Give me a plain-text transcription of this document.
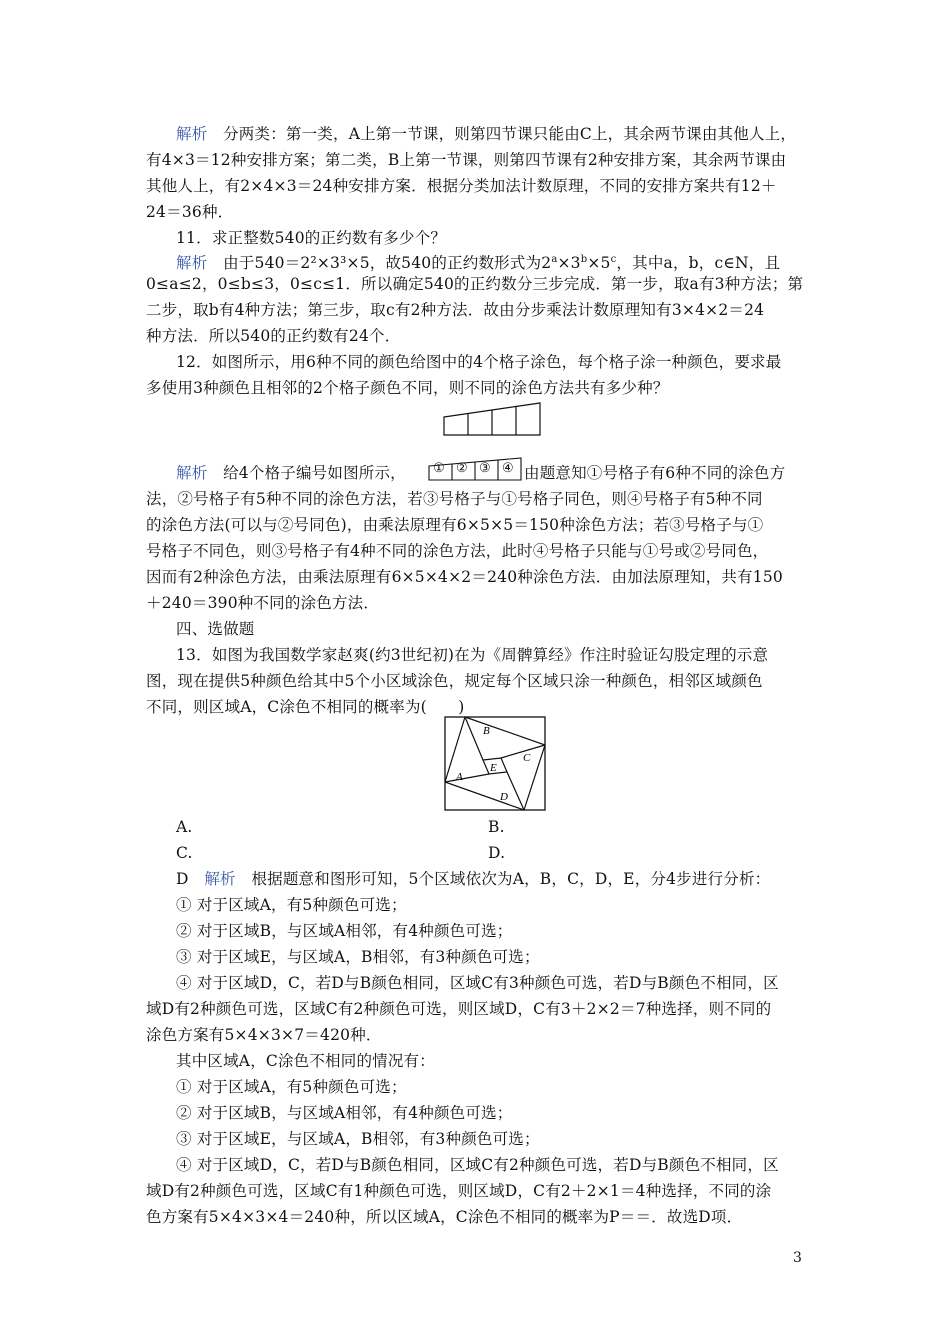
解析　分两类：第一类，A上第一节课，则第四节课只能由C上，其余两节课由其他人上，
有4×3＝12种安排方案；第二类，B上第一节课，则第四节课有2种安排方案，其余两节课由
其他人上，有2×4×3＝24种安排方案．根据分类加法计数原理，不同的安排方案共有12＋
24＝36种．
11．求正整数540的正约数有多少个？
解析　由于540＝2²×3³×5，故540的正约数形式为$2^a\times 3^b\times 5^c$，其中a，b，c∈N，且
0≤a≤2，0≤b≤3，0≤c≤1．所以确定540的正约数分三步完成．第一步，取a有3种方法；第
二步，取b有4种方法；第三步，取c有2种方法．故由分步乘法计数原理知有3×4×2＝24
种方法．所以540的正约数有24个．
12．如图所示，用6种不同的颜色给图中的4个格子涂色，每个格子涂一种颜色，要求最
多使用3种颜色且相邻的2个格子颜色不同，则不同的涂色方法共有多少种？
解析　给4个格子编号如图所示，	① ② ③ ④ 由题意知①号格子有6种不同的涂色方
法，②号格子有5种不同的涂色方法，若③号格子与①号格子同色，则④号格子有5种不同
的涂色方法(可以与②号同色)，由乘法原理有6×5×5＝150种涂色方法；若③号格子与①
号格子不同色，则③号格子有4种不同的涂色方法，此时④号格子只能与①号或②号同色，
因而有2种涂色方法，由乘法原理有6×5×4×2＝240种涂色方法．由加法原理知，共有150
＋240＝390种不同的涂色方法．
四、选做题
13．如图为我国数学家赵爽(约3世纪初)在为《周髀算经》作注时验证勾股定理的示意
图，现在提供5种颜色给其中5个小区域涂色，规定每个区域只涂一种颜色，相邻区域颜色
不同，则区域A，C涂色不相同的概率为(　　)
B
C
A
E
D
A.	B.
C.	D.
D　 解析　根据题意和图形可知，5个区域依次为A，B，C，D，E，分4步进行分析：
① 对于区域A，有5种颜色可选；
② 对于区域B，与区域A相邻，有4种颜色可选；
③ 对于区域E，与区域A，B相邻，有3种颜色可选；
④ 对于区域D，C，若D与B颜色相同，区域C有3种颜色可选，若D与B颜色不相同，区
域D有2种颜色可选，区域C有2种颜色可选，则区域D，C有3＋2×2＝7种选择，则不同的
涂色方案有5×4×3×7＝420种．
其中区域A，C涂色不相同的情况有：
① 对于区域A，有5种颜色可选；
② 对于区域B，与区域A相邻，有4种颜色可选；
③ 对于区域E，与区域A，B相邻，有3种颜色可选；
④ 对于区域D，C，若D与B颜色相同，区域C有2种颜色可选，若D与B颜色不相同，区
域D有2种颜色可选，区域C有1种颜色可选，则区域D，C有2＋2×1＝4种选择，不同的涂
色方案有5×4×3×4＝240种，所以区域A，C涂色不相同的概率为P＝＝．故选D项．
3
